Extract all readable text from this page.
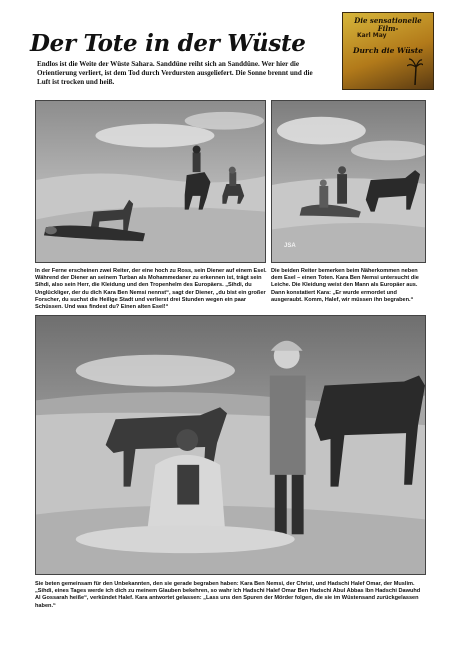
Der Tote in der Wüste
Endlos ist die Weite der Wüste Sahara. Sanddüne reiht sich an Sanddüne. Wer hier die Orientierung verliert, ist dem Tod durch Verdursten ausgeliefert. Die Sonne brennt und die Luft ist trocken und heiß.
Die sensationelle Film-
Karl May
Durch die Wüste
In der Ferne erscheinen zwei Reiter, der eine hoch zu Ross, sein Diener auf einem Esel. Während der Diener an seinem Turban als Mohammedaner zu erkennen ist, trägt sein Sihdi, also sein Herr, die Kleidung und den Tropenhelm des Europäers. „Sihdi, du Unglückliger, der du dich Kara Ben Nemsi nennst“, sagt der Diener, „du bist ein großer Forscher, du suchst die Heilige Stadt und verlierst drei Stunden wegen ein paar Schüssen. Und was findest du? Einen alten Esel!“
JSA
Die beiden Reiter bemerken beim Näherkommen neben dem Esel – einen Toten. Kara Ben Nemsi untersucht die Leiche. Die Kleidung weist den Mann als Europäer aus. Dann konstatiert Kara: „Er wurde ermordet und ausgeraubt. Komm, Halef, wir müssen ihn begraben.“
Sie beten gemeinsam für den Unbekannten, den sie gerade begraben haben: Kara Ben Nemsi, der Christ, und Hadschi Halef Omar, der Muslim. „Sihdi, eines Tages werde ich dich zu meinem Glauben bekehren, so wahr ich Hadschi Halef Omar Ben Hadschi Abul Abbas Ibn Hadschi Dawuhd Al Gossarah heiße“, verkündet Halef. Kara antwortet gelassen: „Lass uns den Spuren der Mörder folgen, die sie im Wüstensand zurückgelassen haben.“
